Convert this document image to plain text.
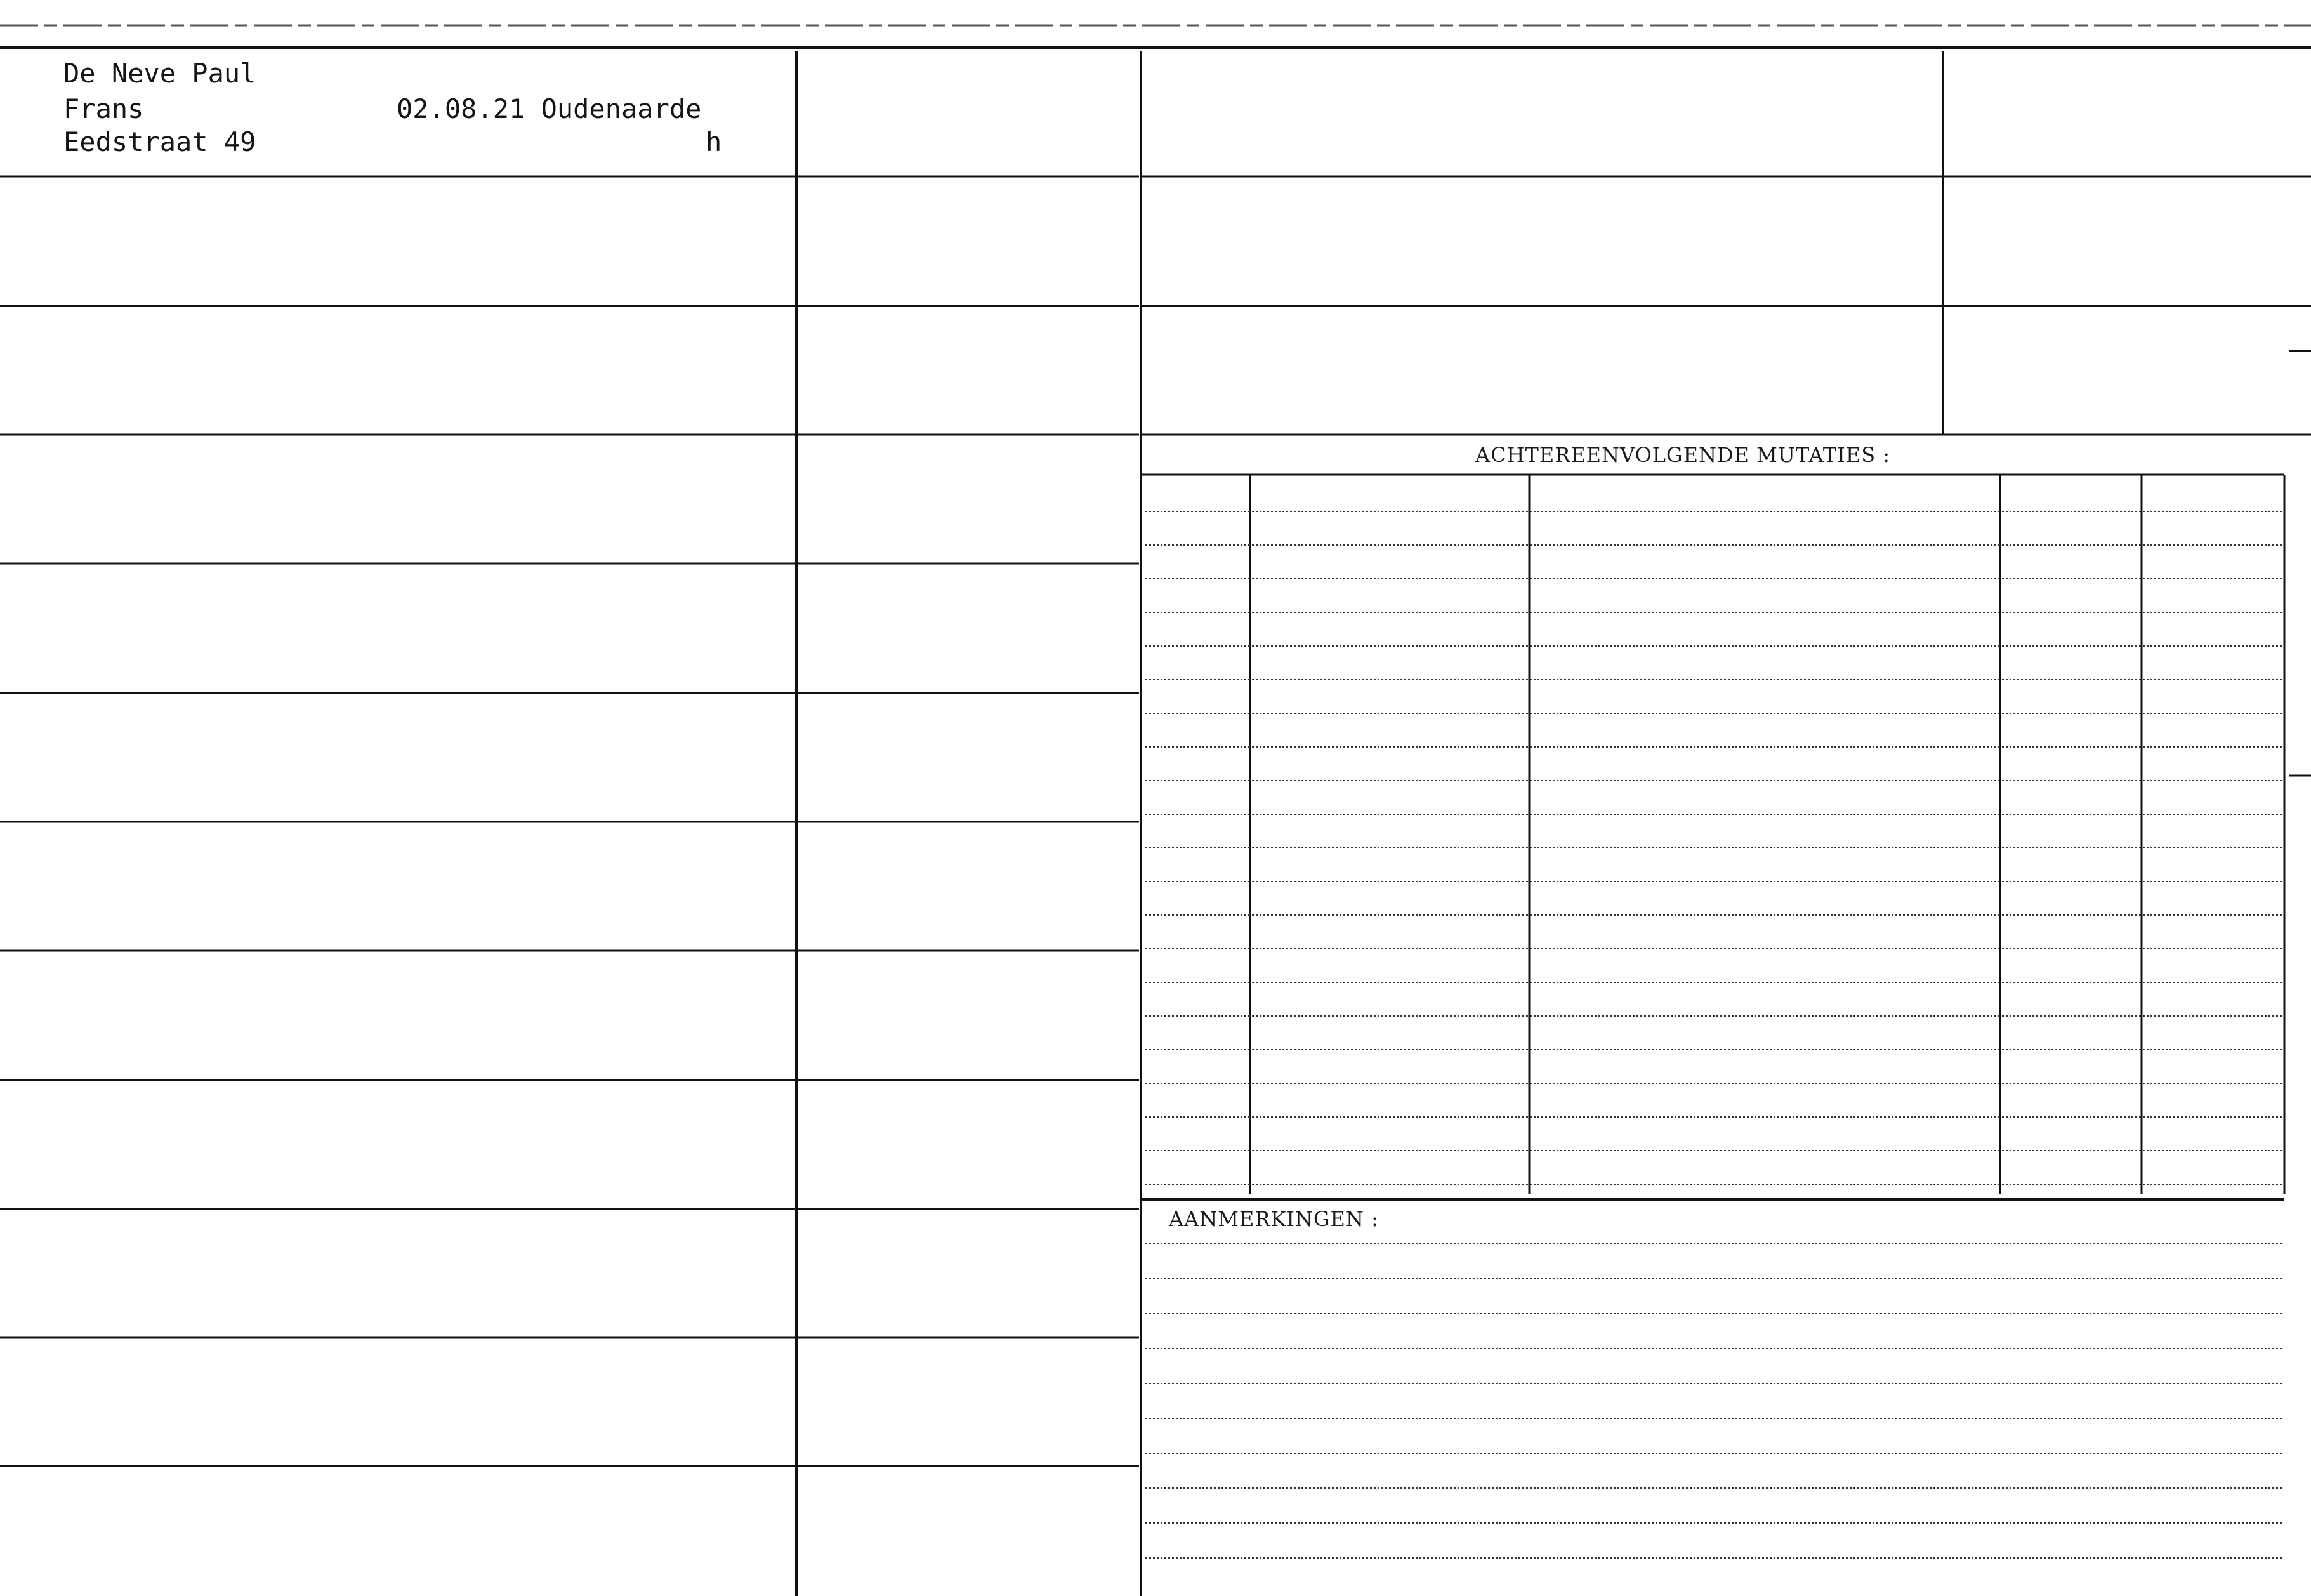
De Neve Paul
Frans
Eedstraat 49
02.08.21 Oudenaarde
h
ACHTEREENVOLGENDE MUTATIES :
AANMERKINGEN :
